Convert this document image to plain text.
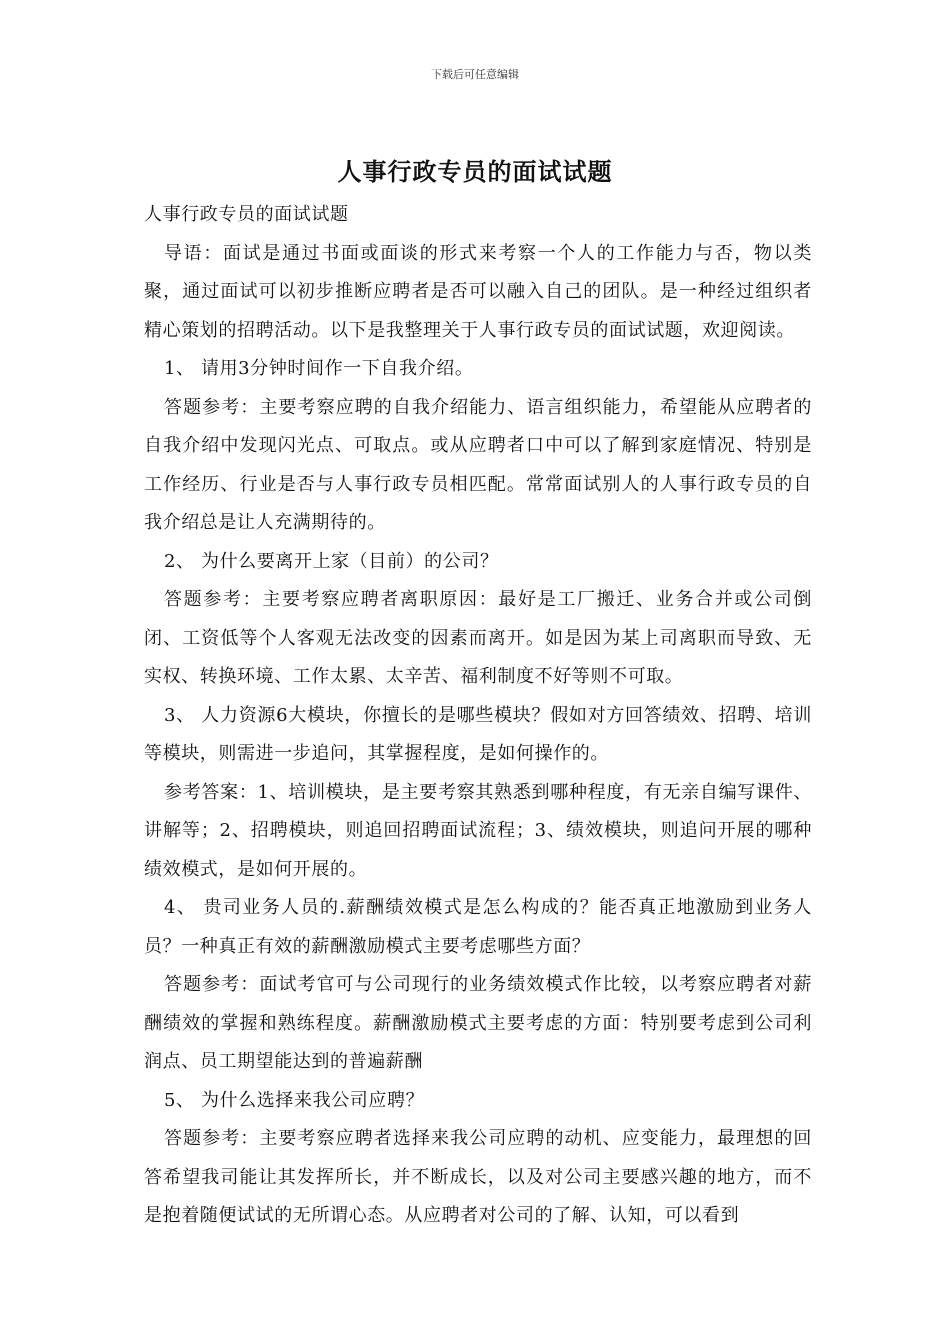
下载后可任意编辑
人事行政专员的面试试题

人事行政专员的面试试题

导语：面试是通过书面或面谈的形式来考察一个人的工作能力与否，物以类聚，通过面试可以初步推断应聘者是否可以融入自己的团队。是一种经过组织者精心策划的招聘活动。以下是我整理关于人事行政专员的面试试题，欢迎阅读。

1、 请用3分钟时间作一下自我介绍。

答题参考：主要考察应聘的自我介绍能力、语言组织能力，希望能从应聘者的自我介绍中发现闪光点、可取点。或从应聘者口中可以了解到家庭情况、特别是工作经历、行业是否与人事行政专员相匹配。常常面试别人的人事行政专员的自我介绍总是让人充满期待的。

2、 为什么要离开上家（目前）的公司？

答题参考：主要考察应聘者离职原因：最好是工厂搬迁、业务合并或公司倒闭、工资低等个人客观无法改变的因素而离开。如是因为某上司离职而导致、无实权、转换环境、工作太累、太辛苦、福利制度不好等则不可取。

3、 人力资源6大模块，你擅长的是哪些模块？假如对方回答绩效、招聘、培训等模块，则需进一步追问，其掌握程度，是如何操作的。

参考答案：1、培训模块，是主要考察其熟悉到哪种程度，有无亲自编写课件、讲解等；2、招聘模块，则追回招聘面试流程；3、绩效模块，则追问开展的哪种绩效模式，是如何开展的。

4、 贵司业务人员的.薪酬绩效模式是怎么构成的？能否真正地激励到业务人员？一种真正有效的薪酬激励模式主要考虑哪些方面？

答题参考：面试考官可与公司现行的业务绩效模式作比较，以考察应聘者对薪酬绩效的掌握和熟练程度。薪酬激励模式主要考虑的方面：特别要考虑到公司利润点、员工期望能达到的普遍薪酬

5、 为什么选择来我公司应聘？

答题参考：主要考察应聘者选择来我公司应聘的动机、应变能力，最理想的回答希望我司能让其发挥所长，并不断成长，以及对公司主要感兴趣的地方，而不是抱着随便试试的无所谓心态。从应聘者对公司的了解、认知，可以看到
